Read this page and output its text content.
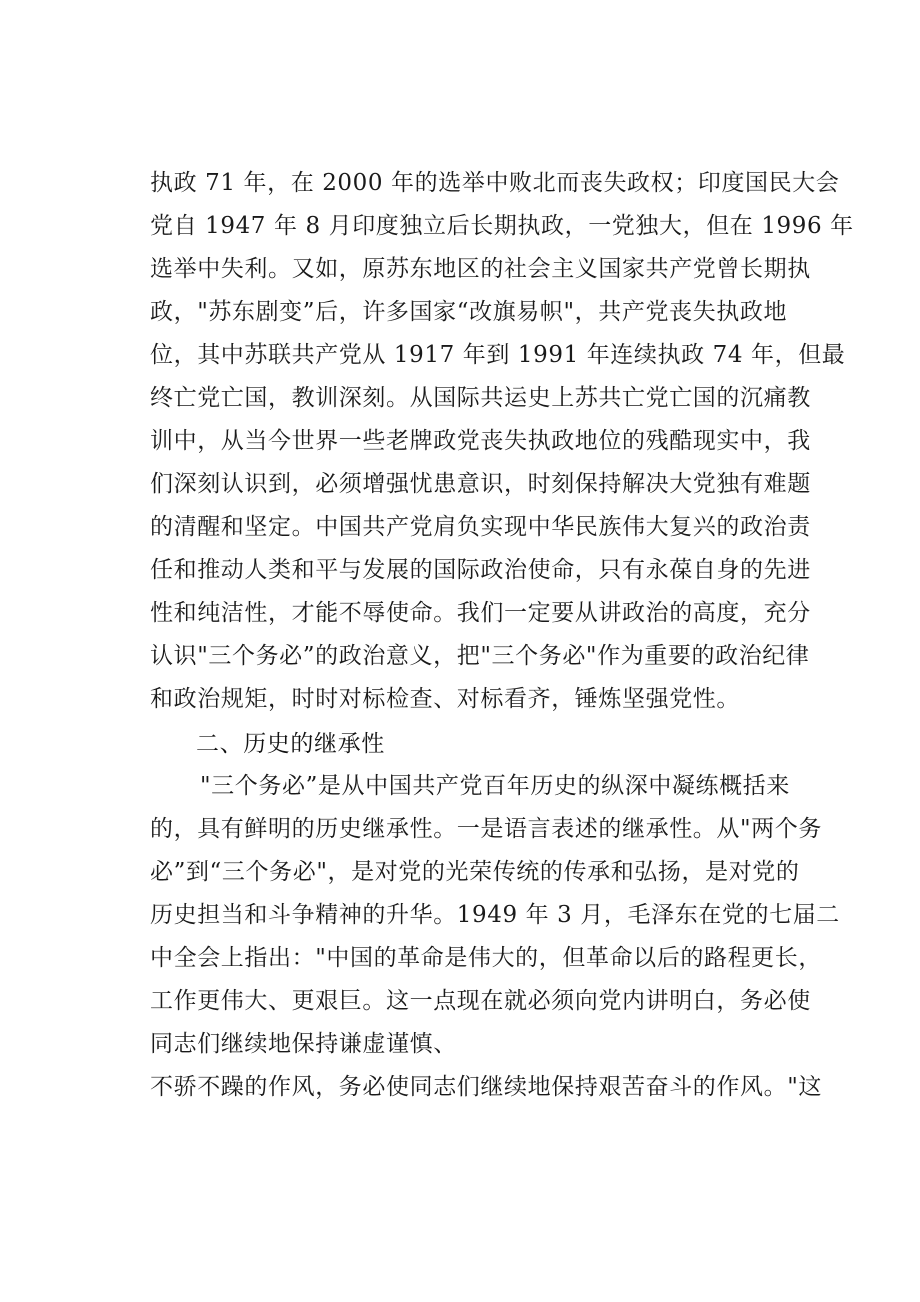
执政 71 年，在 2000 年的选举中败北而丧失政权；印度国民大会
党自 1947 年 8 月印度独立后长期执政，一党独大，但在 1996 年
选举中失利。又如，原苏东地区的社会主义国家共产党曾长期执
政，"苏东剧变”后，许多国家“改旗易帜"，共产党丧失执政地
位，其中苏联共产党从 1917 年到 1991 年连续执政 74 年，但最
终亡党亡国，教训深刻。从国际共运史上苏共亡党亡国的沉痛教
训中，从当今世界一些老牌政党丧失执政地位的残酷现实中，我
们深刻认识到，必须增强忧患意识，时刻保持解决大党独有难题
的清醒和坚定。中国共产党肩负实现中华民族伟大复兴的政治责
任和推动人类和平与发展的国际政治使命，只有永葆自身的先进
性和纯洁性，才能不辱使命。我们一定要从讲政治的高度，充分
认识"三个务必”的政治意义，把"三个务必"作为重要的政治纪律
和政治规矩，时时对标检查、对标看齐，锤炼坚强党性。
二、历史的继承性
"三个务必”是从中国共产党百年历史的纵深中凝练概括来
的，具有鲜明的历史继承性。一是语言表述的继承性。从"两个务
必”到“三个务必"，是对党的光荣传统的传承和弘扬，是对党的
历史担当和斗争精神的升华。1949 年 3 月，毛泽东在党的七届二
中全会上指出："中国的革命是伟大的，但革命以后的路程更长，
工作更伟大、更艰巨。这一点现在就必须向党内讲明白，务必使
同志们继续地保持谦虚谨慎、
不骄不躁的作风，务必使同志们继续地保持艰苦奋斗的作风。"这
